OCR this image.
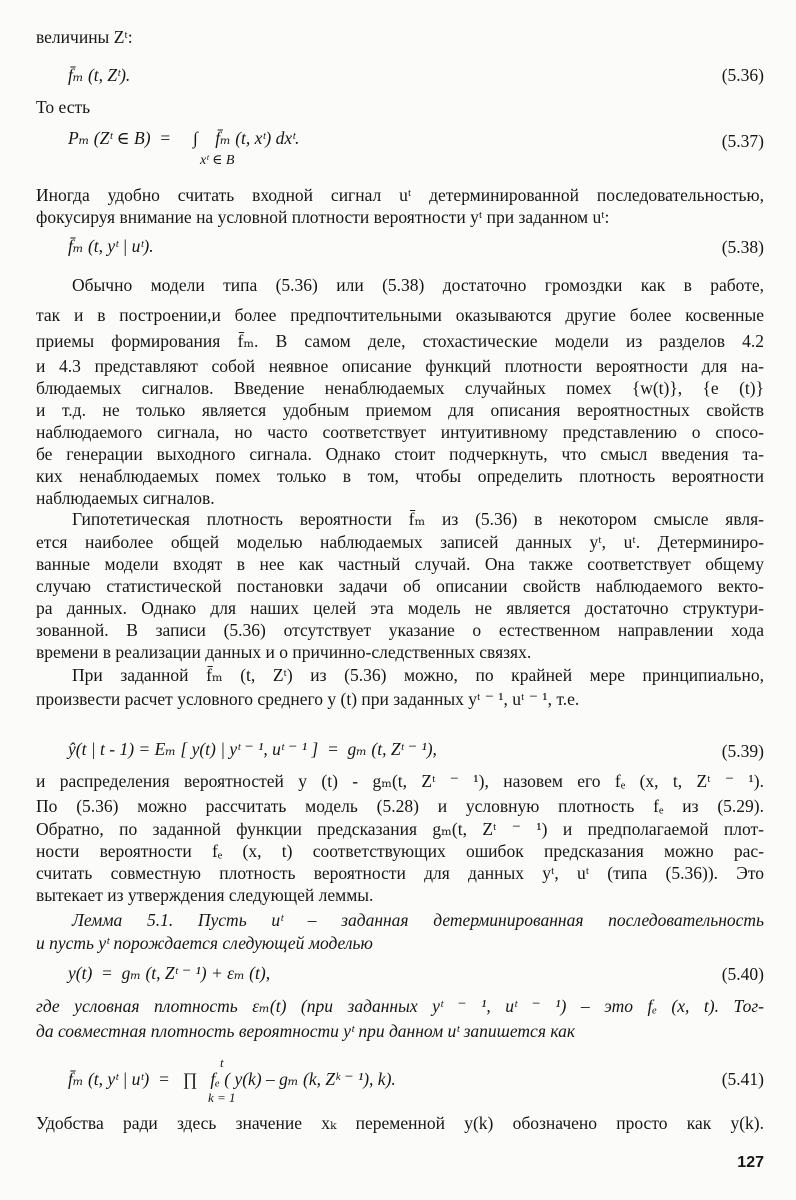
величины Zᵗ:
f̄ₘ (t, Zᵗ).	(5.36)
То есть
Pₘ (Zᵗ ∈ B)  =     ∫    f̄ₘ (t, xᵗ) dxᵗ.
xᵗ ∈ B
(5.37)
Иногда удобно считать входной сигнал uᵗ детерминированной последовательностью,
фокусируя внимание на условной плотности вероятности yᵗ при заданном uᵗ:
f̄ₘ (t, yᵗ | uᵗ).	(5.38)
Обычно модели типа (5.36) или (5.38) достаточно громоздки как в работе,
так и в построении,и более предпочтительными оказываются другие более косвенные
приемы формирования f̄ₘ. В самом деле, стохастические модели из разделов 4.2
и 4.3 представляют собой неявное описание функций плотности вероятности для на-
блюдаемых сигналов. Введение ненаблюдаемых случайных помех {w(t)}, {e (t)}
и т.д. не только является удобным приемом для описания вероятностных свойств
наблюдаемого сигнала, но часто соответствует интуитивному представлению о спосо-
бе генерации выходного сигнала. Однако стоит подчеркнуть, что смысл введения та-
ких ненаблюдаемых помех только в том, чтобы определить плотность вероятности
наблюдаемых сигналов.
Гипотетическая плотность вероятности f̄ₘ из (5.36) в некотором смысле явля-
ется наиболее общей моделью наблюдаемых записей данных yᵗ, uᵗ. Детерминиро-
ванные модели входят в нее как частный случай. Она также соответствует общему
случаю статистической постановки задачи об описании свойств наблюдаемого векто-
ра данных. Однако для наших целей эта модель не является достаточно структури-
зованной. В записи (5.36) отсутствует указание о естественном направлении хода
времени в реализации данных и о причинно-следственных связях.
При заданной f̄ₘ (t, Zᵗ) из (5.36) можно, по крайней мере принципиально,
произвести расчет условного среднего y (t) при заданных yᵗ ⁻ ¹, uᵗ ⁻ ¹, т.е.
ŷ(t | t - 1) = Eₘ [ y(t) | yᵗ ⁻ ¹, uᵗ ⁻ ¹ ]  =  gₘ (t, Zᵗ ⁻ ¹),	(5.39)
и распределения вероятностей y (t) - gₘ(t, Zᵗ ⁻ ¹), назовем его fₑ (x, t, Zᵗ ⁻ ¹).
По (5.36) можно рассчитать модель (5.28) и условную плотность fₑ из (5.29).
Обратно, по заданной функции предсказания gₘ(t, Zᵗ ⁻ ¹) и предполагаемой плот-
ности вероятности fₑ (x, t) соответствующих ошибок предсказания можно рас-
считать совместную плотность вероятности для данных yᵗ, uᵗ (типа (5.36)). Это
вытекает из утверждения следующей леммы.
Лемма 5.1. Пусть uᵗ – заданная детерминированная последовательность
и пусть yᵗ порождается следующей моделью
y(t)  =  gₘ (t, Zᵗ ⁻ ¹) + εₘ (t),	(5.40)
где условная плотность εₘ(t) (при заданных yᵗ ⁻ ¹, uᵗ ⁻ ¹) – это fₑ (x, t). Тог-
да совместная плотность вероятности yᵗ при данном uᵗ запишется как
t
f̄ₘ (t, yᵗ | uᵗ)  =   ∏   fₑ ( y(k) – gₘ (k, Zᵏ ⁻ ¹), k).
k = 1
(5.41)
Удобства ради здесь значение xₖ переменной y(k) обозначено просто как y(k).
127
